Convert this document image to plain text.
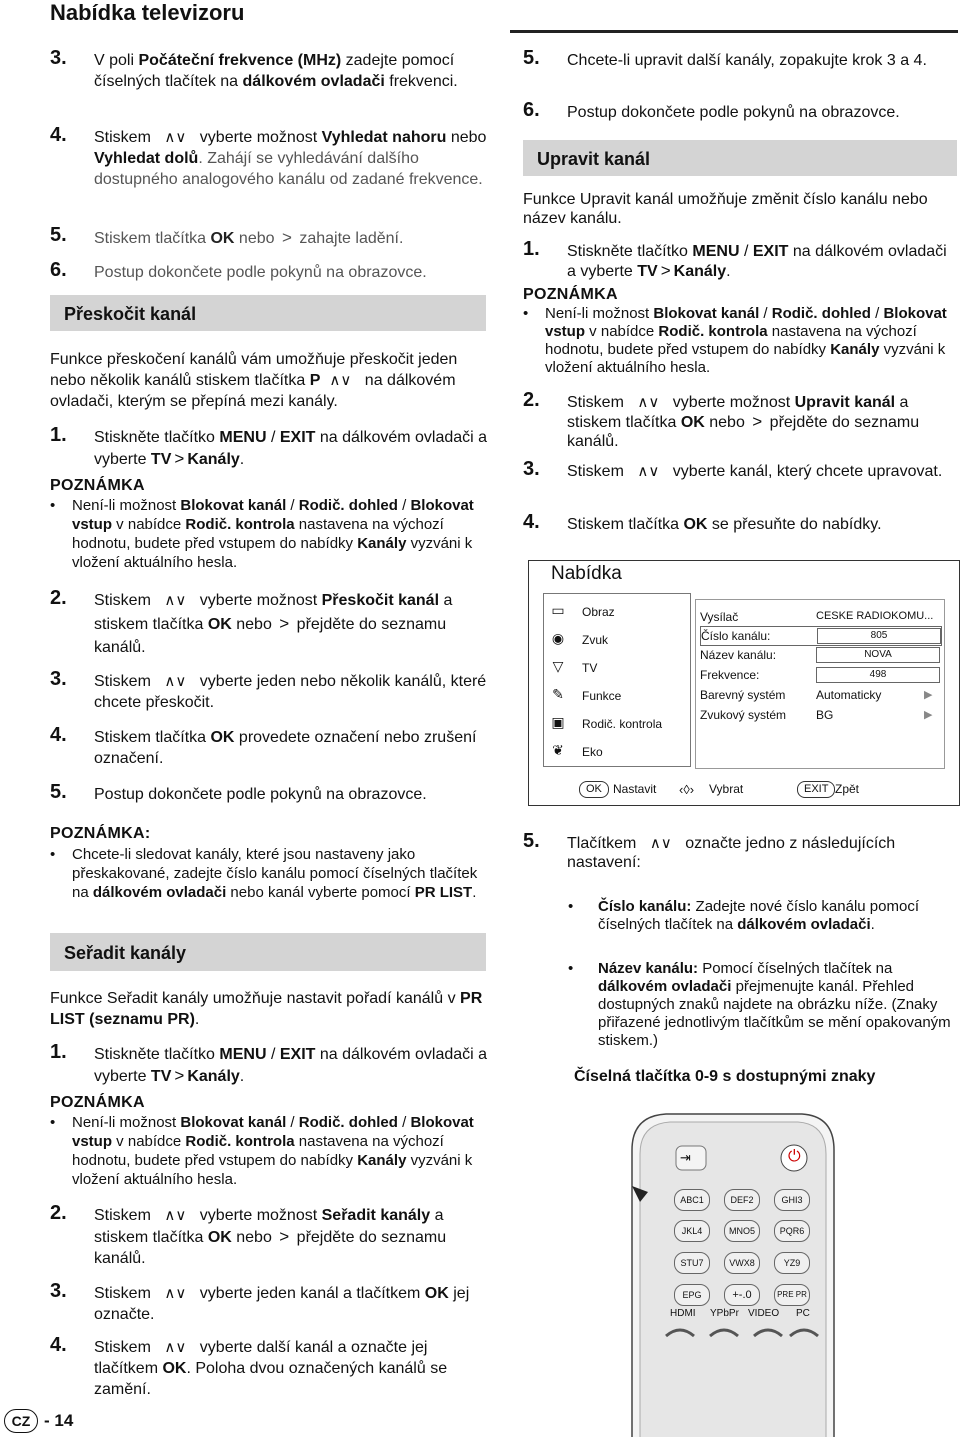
Nabídka televizoru
3. V poli Počáteční frekvence (MHz) zadejte pomocí číselných tlačítek na dálkovém ovladači frekvenci.
4. Stiskem ∧∨ vyberte možnost Vyhledat nahoru nebo Vyhledat dolů. Zahájí se vyhledávání dalšího dostupného analogového kanálu od zadané frekvence.
5. Stiskem tlačítka OK nebo > zahajte ladění.
6. Postup dokončete podle pokynů na obrazovce.
Přeskočit kanál
Funkce přeskočení kanálů vám umožňuje přeskočit jeden nebo několik kanálů stiskem tlačítka P ∧∨ na dálkovém ovladači, kterým se přepíná mezi kanály.
1. Stiskněte tlačítko MENU / EXIT na dálkovém ovladači a vyberte TV > Kanály.
POZNÁMKA
• Není-li možnost Blokovat kanál / Rodič. dohled / Blokovat vstup v nabídce Rodič. kontrola nastavena na výchozí hodnotu, budete před vstupem do nabídky Kanály vyzváni k vložení aktuálního hesla.
2. Stiskem ∧∨ vyberte možnost Přeskočit kanál a stiskem tlačítka OK nebo > přejděte do seznamu kanálů.
3. Stiskem ∧∨ vyberte jeden nebo několik kanálů, které chcete přeskočit.
4. Stiskem tlačítka OK provedete označení nebo zrušení označení.
5. Postup dokončete podle pokynů na obrazovce.
POZNÁMKA:
• Chcete-li sledovat kanály, které jsou nastaveny jako přeskakované, zadejte číslo kanálu pomocí číselných tlačítek na dálkovém ovladači nebo kanál vyberte pomocí PR LIST.
Seřadit kanály
Funkce Seřadit kanály umožňuje nastavit pořadí kanálů v PR LIST (seznamu PR).
1. Stiskněte tlačítko MENU / EXIT na dálkovém ovladači a vyberte TV > Kanály.
POZNÁMKA
• Není-li možnost Blokovat kanál / Rodič. dohled / Blokovat vstup v nabídce Rodič. kontrola nastavena na výchozí hodnotu, budete před vstupem do nabídky Kanály vyzváni k vložení aktuálního hesla.
2. Stiskem ∧∨ vyberte možnost Seřadit kanály a stiskem tlačítka OK nebo > přejděte do seznamu kanálů.
3. Stiskem ∧∨ vyberte jeden kanál a tlačítkem OK jej označte.
4. Stiskem ∧∨ vyberte další kanál a označte jej tlačítkem OK. Poloha dvou označených kanálů se zamění.
5. Chcete-li upravit další kanály, zopakujte krok 3 a 4.
6. Postup dokončete podle pokynů na obrazovce.
Upravit kanál
Funkce Upravit kanál umožňuje změnit číslo kanálu nebo název kanálu.
1. Stiskněte tlačítko MENU / EXIT na dálkovém ovladači a vyberte TV > Kanály.
POZNÁMKA
• Není-li možnost Blokovat kanál / Rodič. dohled / Blokovat vstup v nabídce Rodič. kontrola nastavena na výchozí hodnotu, budete před vstupem do nabídky Kanály vyzváni k vložení aktuálního hesla.
2. Stiskem ∧∨ vyberte možnost Upravit kanál a stiskem tlačítka OK nebo > přejděte do seznamu kanálů.
3. Stiskem ∧∨ vyberte kanál, který chcete upravovat.
4. Stiskem tlačítka OK se přesuňte do nabídky.
Nabídka
▭ Obraz
◉ Zvuk
▽ TV
✎ Funkce
▣ Rodič. kontrola
❦ Eko
Vysílač	CESKE RADIOKOMU...
Číslo kanálu:	805
Název kanálu:	NOVA
Frekvence:	498
Barevný systém	Automaticky	▶
Zvukový systém BG	▶
OK Nastavit ‹◊› Vybrat	EXIT Zpět
5. Tlačítkem ∧∨ označte jedno z následujících nastavení:
• Číslo kanálu: Zadejte nové číslo kanálu pomocí číselných tlačítek na dálkovém ovladači.
• Název kanálu: Pomocí číselných tlačítek na dálkovém ovladači přejmenujte kanál. Přehled dostupných znaků najdete na obrázku níže. (Znaky přiřazené jednotlivým tlačítkům se mění opakovaným stiskem.)
Číselná tlačítka 0-9 s dostupnými znaky
⇥	⏻
ABC1	DEF2	GHI3
JKL4	MNO5	PQR6
STU7	VWX8	YZ9
EPG	+-.0	PRE PR
HDMI YPbPr VIDEO PC
CZ - 14
